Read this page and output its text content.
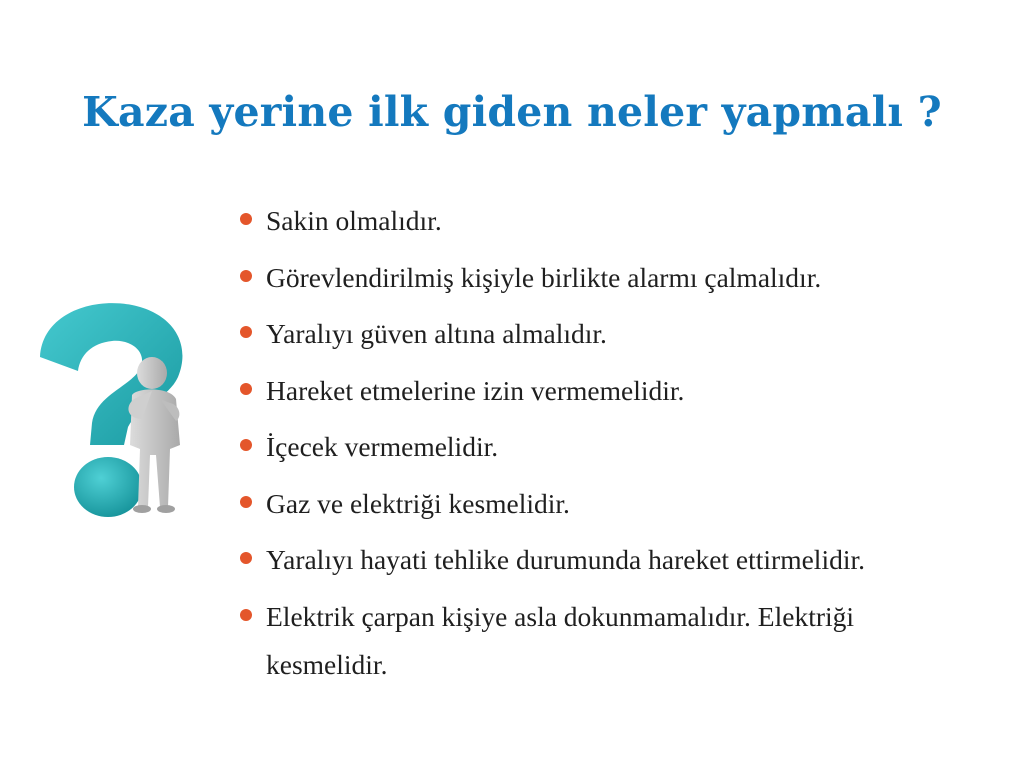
Kaza yerine ilk giden neler yapmalı ?
Sakin olmalıdır.
Görevlendirilmiş kişiyle birlikte alarmı çalmalıdır.
Yaralıyı güven altına almalıdır.
Hareket etmelerine izin vermemelidir.
İçecek vermemelidir.
Gaz ve elektriği kesmelidir.
Yaralıyı hayati tehlike durumunda hareket ettirmelidir.
Elektrik çarpan kişiye asla dokunmamalıdır. Elektriği kesmelidir.
